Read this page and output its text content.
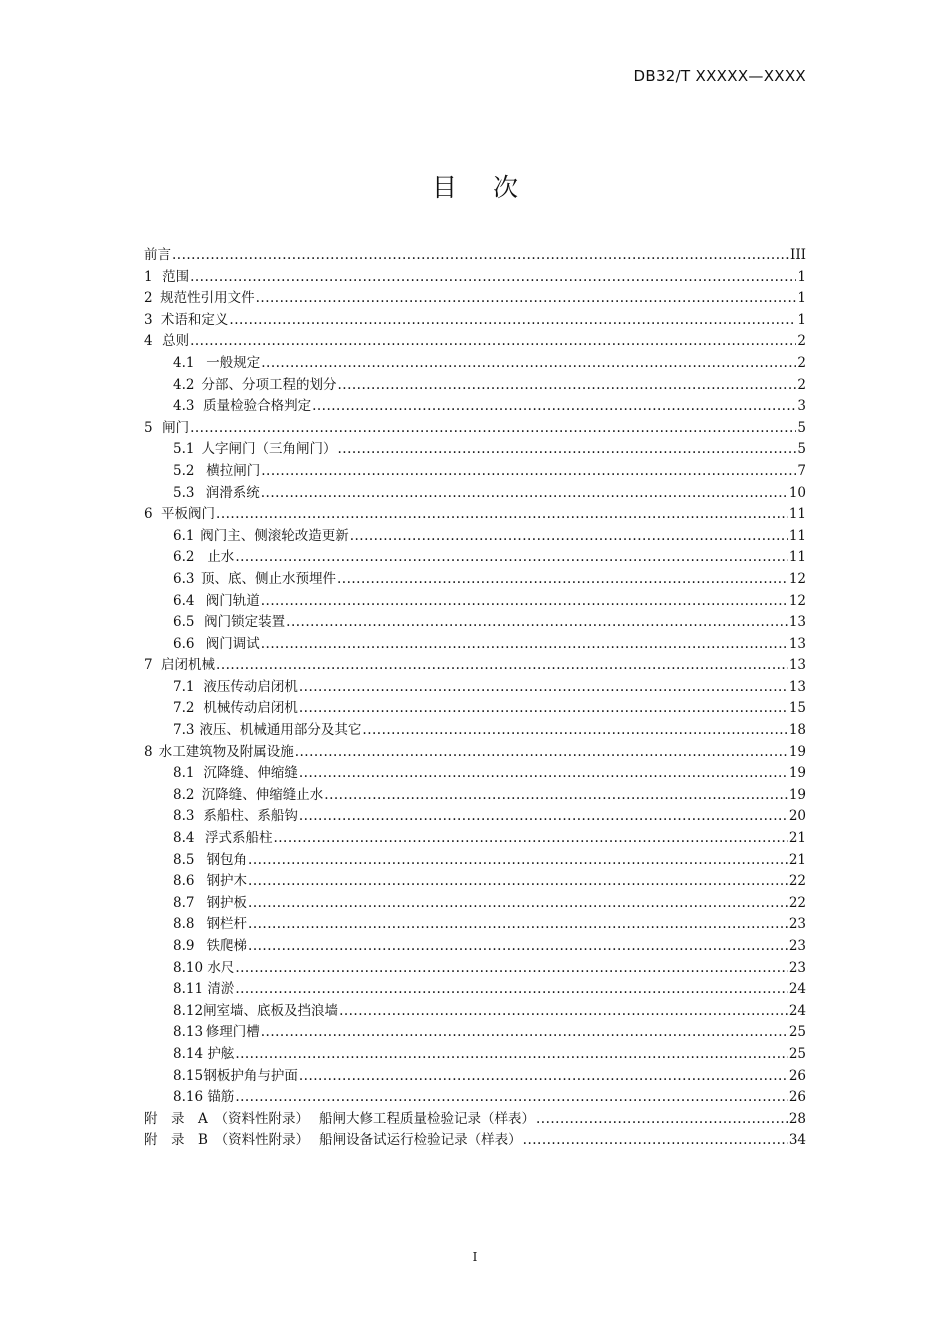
DB32/T XXXXX—XXXX
目 次
前言 .....	III
1 范围 .....	1
2 规范性引用文件 .....	1
3 术语和定义 .....	1
4 总则 .....	2
4.1 一般规定 .....	2
4.2 分部、分项工程的划分 .....	2
4.3 质量检验合格判定 .....	3
5 闸门 .....	5
5.1 人字闸门（三角闸门） .....	5
5.2 横拉闸门 .....	7
5.3 润滑系统 .....	10
6 平板阀门 .....	11
6.1 阀门主、侧滚轮改造更新 .....	11
6.2 止水 .....	11
6.3 顶、底、侧止水预埋件 .....	12
6.4 阀门轨道 .....	12
6.5 阀门锁定装置 .....	13
6.6 阀门调试 .....	13
7 启闭机械 .....	13
7.1 液压传动启闭机 .....	13
7.2 机械传动启闭机 .....	15
7.3 液压、机械通用部分及其它 .....	18
8 水工建筑物及附属设施 .....	19
8.1 沉降缝、伸缩缝 .....	19
8.2 沉降缝、伸缩缝止水 .....	19
8.3 系船柱、系船钩 .....	20
8.4 浮式系船柱 .....	21
8.5 钢包角 .....	21
8.6 钢护木 .....	22
8.7 钢护板 .....	22
8.8 钢栏杆 .....	23
8.9 铁爬梯 .....	23
8.10 水尺 .....	23
8.11 清淤 .....	24
8.12 闸室墙、底板及挡浪墙 .....	24
8.13 修理门槽 .....	25
8.14 护舷 .....	25
8.15 钢板护角与护面 .....	26
8.16 锚筋 .....	26
附　录　A　（资料性附录） 船闸大修工程质量检验记录（样表） .....	28
附　录　B　（资料性附录） 船闸设备试运行检验记录（样表） .....	34
I
